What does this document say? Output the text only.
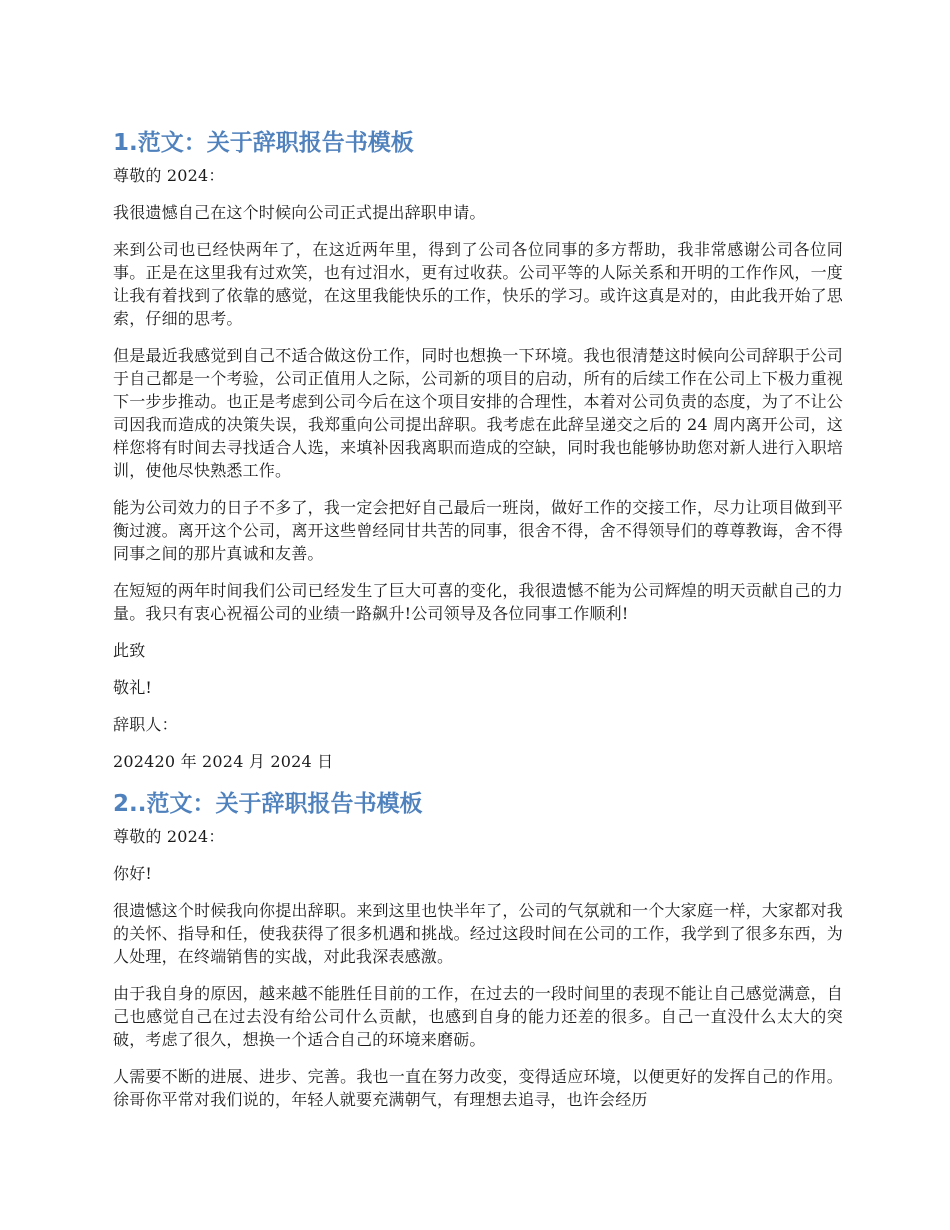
1.范文：关于辞职报告书模板

尊敬的 2024：

我很遗憾自己在这个时候向公司正式提出辞职申请。

来到公司也已经快两年了，在这近两年里，得到了公司各位同事的多方帮助，我非常感谢公司各位同事。正是在这里我有过欢笑，也有过泪水，更有过收获。公司平等的人际关系和开明的工作作风，一度让我有着找到了依靠的感觉，在这里我能快乐的工作，快乐的学习。或许这真是对的，由此我开始了思索，仔细的思考。

但是最近我感觉到自己不适合做这份工作，同时也想换一下环境。我也很清楚这时候向公司辞职于公司于自己都是一个考验，公司正值用人之际，公司新的项目的启动，所有的后续工作在公司上下极力重视下一步步推动。也正是考虑到公司今后在这个项目安排的合理性，本着对公司负责的态度，为了不让公司因我而造成的决策失误，我郑重向公司提出辞职。我考虑在此辞呈递交之后的 24 周内离开公司，这样您将有时间去寻找适合人选，来填补因我离职而造成的空缺，同时我也能够协助您对新人进行入职培训，使他尽快熟悉工作。

能为公司效力的日子不多了，我一定会把好自己最后一班岗，做好工作的交接工作，尽力让项目做到平衡过渡。离开这个公司，离开这些曾经同甘共苦的同事，很舍不得，舍不得领导们的尊尊教诲，舍不得同事之间的那片真诚和友善。

在短短的两年时间我们公司已经发生了巨大可喜的变化，我很遗憾不能为公司辉煌的明天贡献自己的力量。我只有衷心祝福公司的业绩一路飙升!公司领导及各位同事工作顺利!

此致

敬礼!

辞职人：

202420 年 2024 月 2024 日

2..范文：关于辞职报告书模板

尊敬的 2024：

你好!

很遗憾这个时候我向你提出辞职。来到这里也快半年了，公司的气氛就和一个大家庭一样，大家都对我的关怀、指导和任，使我获得了很多机遇和挑战。经过这段时间在公司的工作，我学到了很多东西，为人处理，在终端销售的实战，对此我深表感激。

由于我自身的原因，越来越不能胜任目前的工作，在过去的一段时间里的表现不能让自己感觉满意，自己也感觉自己在过去没有给公司什么贡献，也感到自身的能力还差的很多。自己一直没什么太大的突破，考虑了很久，想换一个适合自己的环境来磨砺。

人需要不断的进展、进步、完善。我也一直在努力改变，变得适应环境，以便更好的发挥自己的作用。徐哥你平常对我们说的，年轻人就要充满朝气，有理想去追寻，也许会经历
